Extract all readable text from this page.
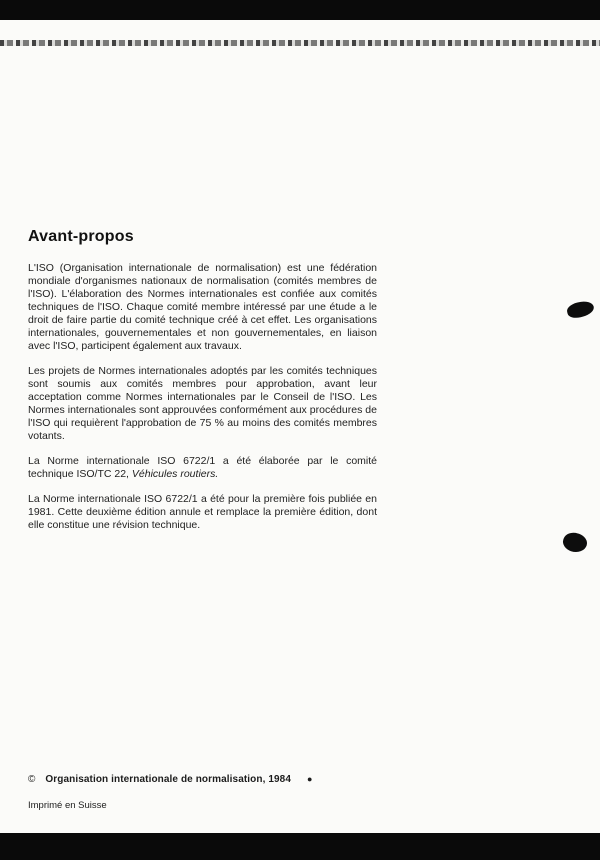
Avant-propos

L'ISO (Organisation internationale de normalisation) est une fédération mondiale d'organismes nationaux de normalisation (comités membres de l'ISO). L'élaboration des Normes internationales est confiée aux comités techniques de l'ISO. Chaque comité membre intéressé par une étude a le droit de faire partie du comité technique créé à cet effet. Les organisations internationales, gouvernementales et non gouvernementales, en liaison avec l'ISO, participent également aux travaux.

Les projets de Normes internationales adoptés par les comités techniques sont soumis aux comités membres pour approbation, avant leur acceptation comme Normes internationales par le Conseil de l'ISO. Les Normes internationales sont approuvées conformément aux procédures de l'ISO qui requièrent l'approbation de 75 % au moins des comités membres votants.

La Norme internationale ISO 6722/1 a été élaborée par le comité technique ISO/TC 22, Véhicules routiers.

La Norme internationale ISO 6722/1 a été pour la première fois publiée en 1981. Cette deuxième édition annule et remplace la première édition, dont elle constitue une révision technique.

© Organisation internationale de normalisation, 1984 ●
Imprimé en Suisse
